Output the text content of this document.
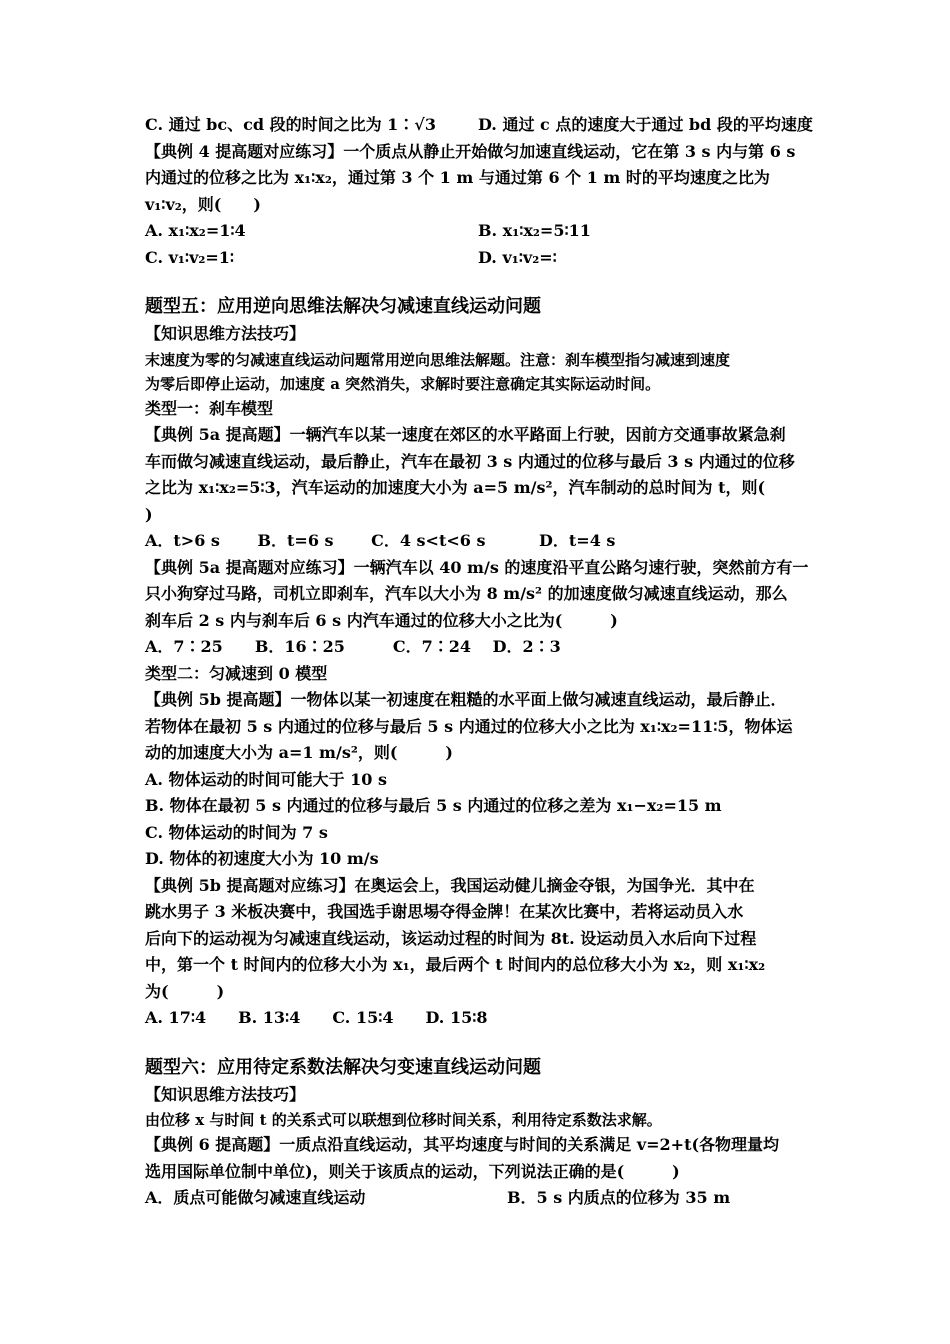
C. 通过 bc、cd 段的时间之比为 1∶√3	D. 通过 c 点的速度大于通过 bd 段的平均速度
【典例 4 提高题对应练习】一个质点从静止开始做匀加速直线运动，它在第 3 s 内与第 6 s
内通过的位移之比为 x₁∶x₂，通过第 3 个 1 m 与通过第 6 个 1 m 时的平均速度之比为
v₁∶v₂，则(　　)
A. x₁∶x₂=1∶4	B. x₁∶x₂=5∶11
C. v₁∶v₂=1∶	D. v₁∶v₂=∶
题型五：应用逆向思维法解决匀减速直线运动问题
【知识思维方法技巧】
末速度为零的匀减速直线运动问题常用逆向思维法解题。注意：刹车模型指匀减速到速度
为零后即停止运动，加速度 a 突然消失，求解时要注意确定其实际运动时间。
类型一：刹车模型
【典例 5a 提高题】一辆汽车以某一速度在郊区的水平路面上行驶，因前方交通事故紧急刹
车而做匀减速直线运动，最后静止，汽车在最初 3 s 内通过的位移与最后 3 s 内通过的位移
之比为 x₁∶x₂=5∶3，汽车运动的加速度大小为 a=5 m/s²，汽车制动的总时间为 t，则(
)
A．t>6 s　　 B．t=6 s　　 C．4 s<t<6 s　　　 D．t=4 s
【典例 5a 提高题对应练习】一辆汽车以 40 m/s 的速度沿平直公路匀速行驶，突然前方有一
只小狗穿过马路，司机立即刹车，汽车以大小为 8 m/s² 的加速度做匀减速直线运动，那么
刹车后 2 s 内与刹车后 6 s 内汽车通过的位移大小之比为(　　　)
A．7∶25　　B．16∶25　　　C．7∶24　 D．2∶3
类型二：匀减速到 0 模型
【典例 5b 提高题】一物体以某一初速度在粗糙的水平面上做匀减速直线运动，最后静止．
若物体在最初 5 s 内通过的位移与最后 5 s 内通过的位移大小之比为 x₁∶x₂=11∶5，物体运
动的加速度大小为 a=1 m/s²，则(　　　)
A. 物体运动的时间可能大于 10 s
B. 物体在最初 5 s 内通过的位移与最后 5 s 内通过的位移之差为 x₁−x₂=15 m
C. 物体运动的时间为 7 s
D. 物体的初速度大小为 10 m/s
【典例 5b 提高题对应练习】在奥运会上，我国运动健儿摘金夺银，为国争光．其中在
跳水男子 3 米板决赛中，我国选手谢思埸夺得金牌！在某次比赛中，若将运动员入水
后向下的运动视为匀减速直线运动，该运动过程的时间为 8t. 设运动员入水后向下过程
中，第一个 t 时间内的位移大小为 x₁，最后两个 t 时间内的总位移大小为 x₂，则 x₁∶x₂
为(　　　)
A. 17∶4　　B. 13∶4　　C. 15∶4　　D. 15∶8
题型六：应用待定系数法解决匀变速直线运动问题
【知识思维方法技巧】
由位移 x 与时间 t 的关系式可以联想到位移时间关系，利用待定系数法求解。
【典例 6 提高题】一质点沿直线运动，其平均速度与时间的关系满足 v=2+t(各物理量均
选用国际单位制中单位)，则关于该质点的运动，下列说法正确的是(　　　)
A．质点可能做匀减速直线运动	B．5 s 内质点的位移为 35 m
